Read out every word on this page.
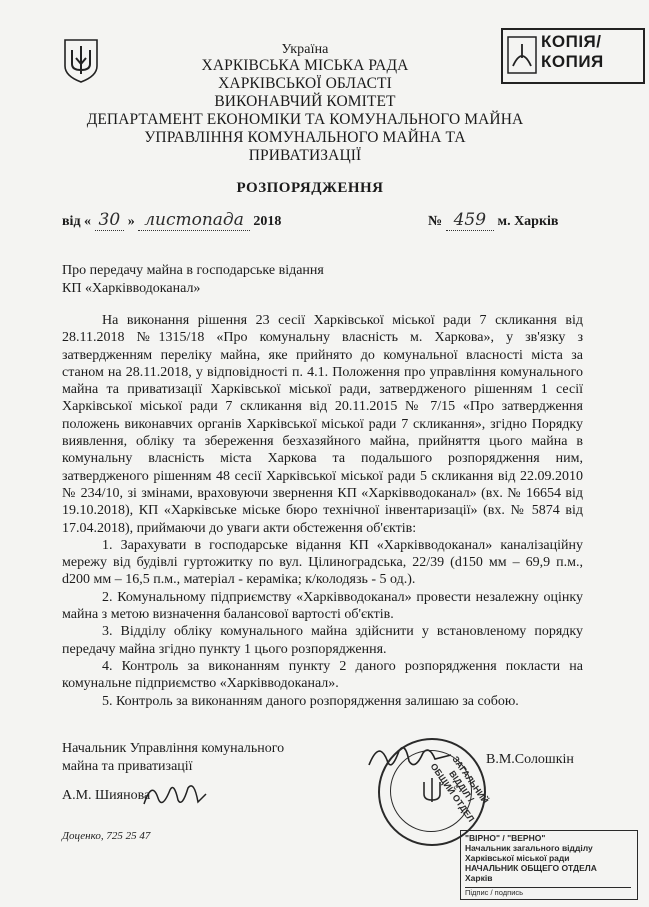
КОПІЯ/
КОПИЯ
Україна
ХАРКІВСЬКА МІСЬКА РАДА
ХАРКІВСЬКОЇ ОБЛАСТІ
ВИКОНАВЧИЙ КОМІТЕТ
ДЕПАРТАМЕНТ ЕКОНОМІКИ ТА КОМУНАЛЬНОГО МАЙНА
УПРАВЛІННЯ КОМУНАЛЬНОГО МАЙНА ТА
ПРИВАТИЗАЦІЇ
РОЗПОРЯДЖЕННЯ
від « 30 » листопада 2018	№ 459 м. Харків
Про передачу майна в господарське відання
КП «Харківводоканал»

На виконання рішення 23 сесії Харківської міської ради 7 скликання від 28.11.2018 №1315/18 «Про комунальну власність м. Харкова», у зв'язку з затвердженням переліку майна, яке прийнято до комунальної власності міста за станом на 28.11.2018, у відповідності п. 4.1. Положення про управління комунального майна та приватизації Харківської міської ради, затвердженого рішенням 1 сесії Харківської міської ради 7 скликання від 20.11.2015 № 7/15 «Про затвердження положень виконавчих органів Харківської міської ради 7 скликання», згідно Порядку виявлення, обліку та збереження безхазяйного майна, прийняття цього майна в комунальну власність міста Харкова та подальшого розпорядження ним, затвердженого рішенням 48 сесії Харківської міської ради 5 скликання від 22.09.2010 № 234/10, зі змінами, враховуючи звернення КП «Харківводоканал» (вх. № 16654 від 19.10.2018), КП «Харківське міське бюро технічної інвентаризації» (вх. № 5874 від 17.04.2018), приймаючи до уваги акти обстеження об'єктів:

1. Зарахувати в господарське відання КП «Харківводоканал» каналізаційну мережу від будівлі гуртожитку по вул. Цілиноградська, 22/39 (d150 мм – 69,9 п.м., d200 мм – 16,5 п.м., матеріал - кераміка; к/колодязь - 5 од.).

2. Комунальному підприємству «Харківводоканал» провести незалежну оцінку майна з метою визначення балансової вартості об'єктів.

3. Відділу обліку комунального майна здійснити у встановленому порядку передачу майна згідно пункту 1 цього розпорядження.

4. Контроль за виконанням пункту 2 даного розпорядження покласти на комунальне підприємство «Харківводоканал».

5. Контроль за виконанням даного розпорядження залишаю за собою.

Начальник Управління комунального
майна та приватизації	В.М.Солошкін
ЗАГАЛЬНИЙ ВІДДІЛ / ОБЩИЙ ОТДЕЛ
А.М. Шиянова
Доценко, 725 25 47	"ВІРНО" / "ВЕРНО"
Начальник загального відділу
Харківської міської ради
НАЧАЛЬНИК ОБЩЕГО ОТДЕЛА
Харків
Підпис / подпись
